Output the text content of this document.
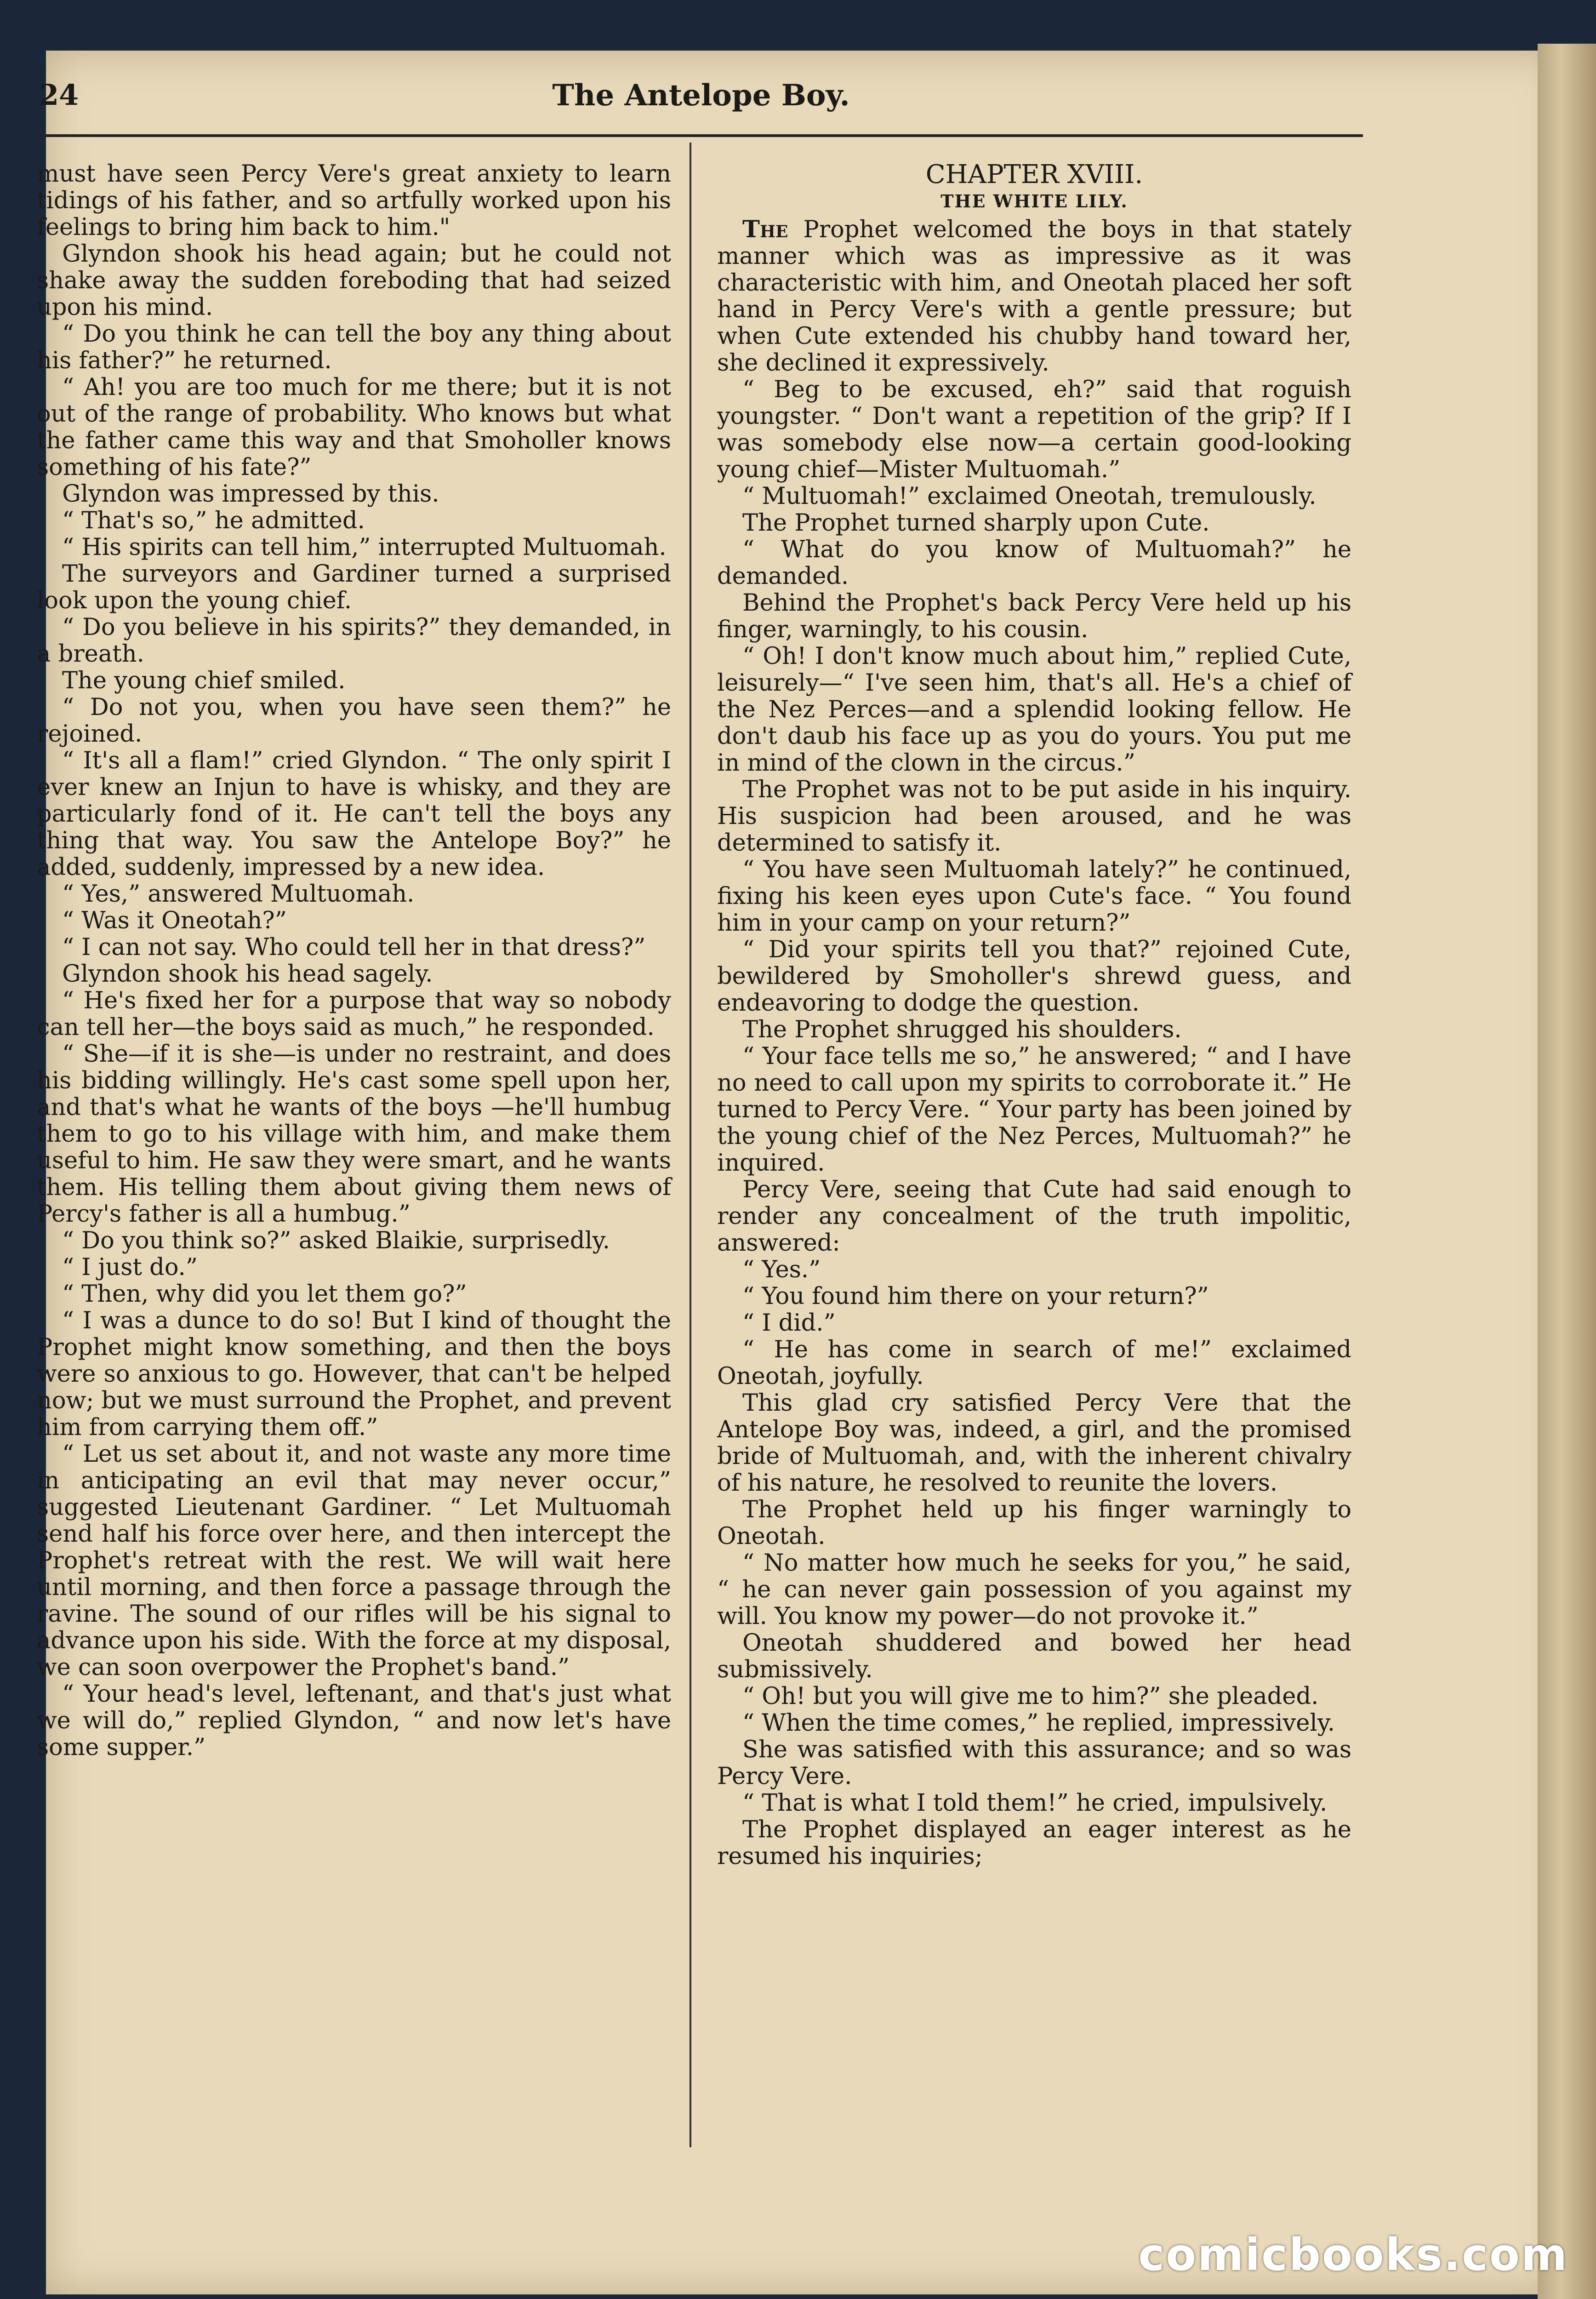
24	The Antelope Boy.

must have seen Percy Vere's great anxiety to learn tidings of his father, and so artfully worked upon his feelings to bring him back to him."

Glyndon shook his head again; but he could not shake away the sudden foreboding that had seized upon his mind.

“ Do you think he can tell the boy any thing about his father?” he returned.

“ Ah! you are too much for me there; but it is not out of the range of probability. Who knows but what the father came this way and that Smoholler knows something of his fate?”

Glyndon was impressed by this.

“ That's so,” he admitted.

“ His spirits can tell him,” interrupted Multuomah.

The surveyors and Gardiner turned a surprised look upon the young chief.

“ Do you believe in his spirits?” they demanded, in a breath.

The young chief smiled.

“ Do not you, when you have seen them?” he rejoined.

“ It's all a flam!” cried Glyndon. “ The only spirit I ever knew an Injun to have is whisky, and they are particularly fond of it. He can't tell the boys any thing that way. You saw the Antelope Boy?” he added, suddenly, impressed by a new idea.

“ Yes,” answered Multuomah.

“ Was it Oneotah?”

“ I can not say. Who could tell her in that dress?”

Glyndon shook his head sagely.

“ He's fixed her for a purpose that way so nobody can tell her—the boys said as much,” he responded.

“ She—if it is she—is under no restraint, and does his bidding willingly. He's cast some spell upon her, and that's what he wants of the boys —he'll humbug them to go to his village with him, and make them useful to him. He saw they were smart, and he wants them. His telling them about giving them news of Percy's father is all a humbug.”

“ Do you think so?” asked Blaikie, surprisedly.

“ I just do.”

“ Then, why did you let them go?”

“ I was a dunce to do so! But I kind of thought the Prophet might know something, and then the boys were so anxious to go. However, that can't be helped now; but we must surround the Prophet, and prevent him from carrying them off.”

“ Let us set about it, and not waste any more time in anticipating an evil that may never occur,” suggested Lieutenant Gardiner. “ Let Multuomah send half his force over here, and then intercept the Prophet's retreat with the rest. We will wait here until morning, and then force a passage through the ravine. The sound of our rifles will be his signal to advance upon his side. With the force at my disposal, we can soon overpower the Prophet's band.”

“ Your head's level, leftenant, and that's just what we will do,” replied Glyndon, “ and now let's have some supper.”

CHAPTER XVIII.

THE WHITE LILY.

The Prophet welcomed the boys in that stately manner which was as impressive as it was characteristic with him, and Oneotah placed her soft hand in Percy Vere's with a gentle pressure; but when Cute extended his chubby hand toward her, she declined it expressively.

“ Beg to be excused, eh?” said that roguish youngster. “ Don't want a repetition of the grip? If I was somebody else now—a certain good-looking young chief—Mister Multuomah.”

“ Multuomah!” exclaimed Oneotah, tremulously.

The Prophet turned sharply upon Cute.

“ What do you know of Multuomah?” he demanded.

Behind the Prophet's back Percy Vere held up his finger, warningly, to his cousin.

“ Oh! I don't know much about him,” replied Cute, leisurely—“ I've seen him, that's all. He's a chief of the Nez Perces—and a splendid looking fellow. He don't daub his face up as you do yours. You put me in mind of the clown in the circus.”

The Prophet was not to be put aside in his inquiry. His suspicion had been aroused, and he was determined to satisfy it.

“ You have seen Multuomah lately?” he continued, fixing his keen eyes upon Cute's face. “ You found him in your camp on your return?”

“ Did your spirits tell you that?” rejoined Cute, bewildered by Smoholler's shrewd guess, and endeavoring to dodge the question.

The Prophet shrugged his shoulders.

“ Your face tells me so,” he answered; “ and I have no need to call upon my spirits to corroborate it.” He turned to Percy Vere. “ Your party has been joined by the young chief of the Nez Perces, Multuomah?” he inquired.

Percy Vere, seeing that Cute had said enough to render any concealment of the truth impolitic, answered:

“ Yes.”

“ You found him there on your return?”

“ I did.”

“ He has come in search of me!” exclaimed Oneotah, joyfully.

This glad cry satisfied Percy Vere that the Antelope Boy was, indeed, a girl, and the promised bride of Multuomah, and, with the inherent chivalry of his nature, he resolved to reunite the lovers.

The Prophet held up his finger warningly to Oneotah.

“ No matter how much he seeks for you,” he said, “ he can never gain possession of you against my will. You know my power—do not provoke it.”

Oneotah shuddered and bowed her head submissively.

“ Oh! but you will give me to him?” she pleaded.

“ When the time comes,” he replied, impressively.

She was satisfied with this assurance; and so was Percy Vere.

“ That is what I told them!” he cried, impulsively.

The Prophet displayed an eager interest as he resumed his inquiries;

comicbooks.com
